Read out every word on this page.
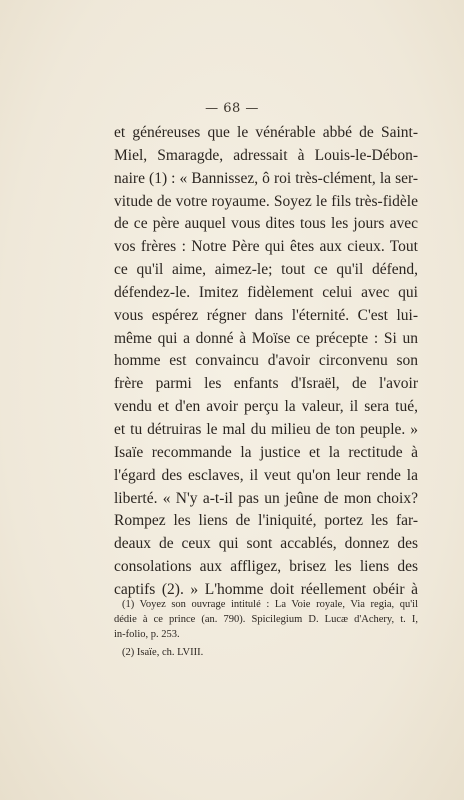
— 68 —
et généreuses que le vénérable abbé de Saint-
Miel, Smaragde, adressait à Louis-le-Débon-
naire (1) : « Bannissez, ô roi très-clément, la ser-
vitude de votre royaume. Soyez le fils très-fidèle
de ce père auquel vous dites tous les jours avec
vos frères : Notre Père qui êtes aux cieux. Tout
ce qu'il aime, aimez-le; tout ce qu'il défend,
défendez-le. Imitez fidèlement celui avec qui
vous espérez régner dans l'éternité. C'est lui-
même qui a donné à Moïse ce précepte : Si un
homme est convaincu d'avoir circonvenu son
frère parmi les enfants d'Israël, de l'avoir
vendu et d'en avoir perçu la valeur, il sera tué,
et tu détruiras le mal du milieu de ton peuple. »
Isaïe recommande la justice et la rectitude à
l'égard des esclaves, il veut qu'on leur rende la
liberté. « N'y a-t-il pas un jeûne de mon choix?
Rompez les liens de l'iniquité, portez les far-
deaux de ceux qui sont accablés, donnez des
consolations aux affligez, brisez les liens des
captifs (2). » L'homme doit réellement obéir à
(1) Voyez son ouvrage intitulé : La Voie royale, Via regia, qu'il
dédie à ce prince (an. 790). Spicilegium D. Lucæ d'Achery, t. I,
in-folio, p. 253.
(2) Isaïe, ch. LVIII.
